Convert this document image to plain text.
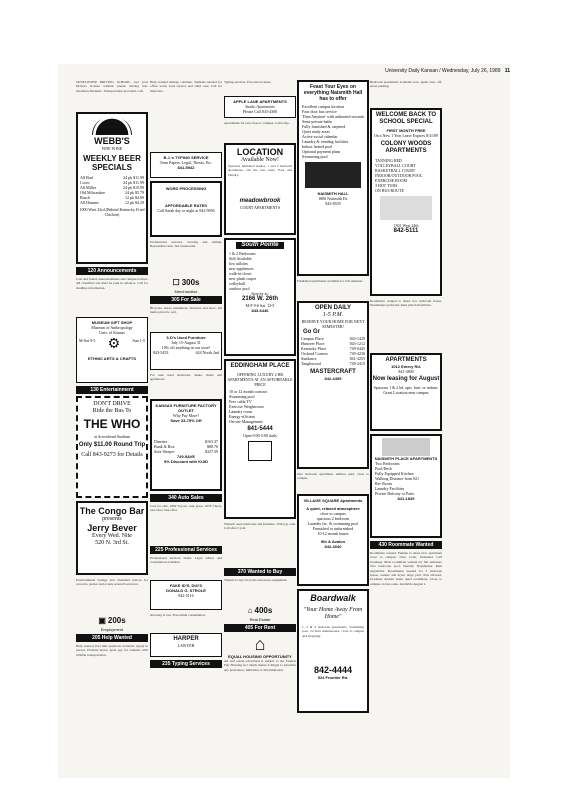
University Daily Kansan / Wednesday, July 26, 1989 11
SUNFLOWER DRIVING SCHOOL. Get your Driver's license without parent driving test. Attention Students: Transportation provided. Call.
WEBB'S
FINE WINE
WEEKLY BEER SPECIALS
All Bud	24 pk $11.99
Coors	24 pk $11.99
All Miller	24 pk $10.99
Old Milwaukee	24 pk $5.79
Busch	12 pk $4.69
All Hamms	12 pk $4.29
1900 West 23rd (Behind Kentucky Fried Chicken)
120 Announcements
Lost and found, announcements and campus notices. All classified ads must be paid in advance. Call for deadline information.
MUSEUM GIFT SHOP
Museum of Anthropology
Univ. of Kansas
M-Sat 9-5 ⚙	Sun 1-5
ETHNIC ARTS & CRAFTS
130 Entertainment
DON'T DRIVE
Ride the Bus To
THE WHO
at Arrowhead Stadium
Only $11.00 Round Trip
Call 843-9273 for Details
The Congo Bar
presents
Jerry Bever
Every Wed. Nite
520 N. 3rd St.
Entertainment listings and classified notices for concerts, parties and events around Lawrence.
▣ 200s
Employment
205 Help Wanted
Help wanted. Part time positions available. Apply in person. Flexible hours, great pay for students with reliable transportation.
Help wanted listings continue. Students needed for office work, food service and child care. Call for interview.
B.J.'s TYPING SERVICE
Term Papers, Legal, Theses, Etc.
841-5942
WORD PROCESSING
AFFORDABLE RATES
Call Sarah day or night at 842-9056
Professional services, tutoring and editing. Reasonable rates, fast turnaround.
☐ 300s
Merchandise
305 For Sale
Bicycles, stereo equipment, furniture and more. All items priced to sell.
3-D's Used Furniture
July 15-August 31
10% off anything in our store!
843-5453	624 North 2nd
For sale: used textbooks, desks, chairs and appliances.
KANSAS FURNITURE FACTORY OUTLET
Why Pay More?
Save 33-75% Off
Dinettes	$163.37
Bunk & Box	$88.76
Sofa Sleeper	$327.39
749-5AVE
5% Discount with KUID
340 Auto Sales
Cars for sale. 1982 Toyota, runs great. 1978 Chevy, new tires, best offer.
225 Professional Services
Professional services listed. Legal advice and consultation available.
FAKE ID'S, DUI'S
DONALD G. STROLE
842-5116
Attorney at law. Free initial consultation.
HARPER
LAWYER
235 Typing Services
Typing services. Fast and accurate.
APPLE LANE APARTMENTS
Studio Apartments
Please Call 843-4300
Apartments for rent close to campus. Call today.
LOCATION
Available Now!
Spacious furnished studios, 1 and 2 bedroom apartments. On the bus route. Pool and laundry.
meadowbrook
COURT APARTMENTS
South Pointe
1 & 2 Bedrooms
Still Available
low utilities
new appliances
walk-in closet
new plush carpet
volleyball
outdoor pool
Stop by at:
2166 W. 26th
M-F 9-6 Sat. 12-5
843-6446
EDDINGHAM PLACE
OFFERING LUXURY 2 BR APARTMENTS AT AN AFFORDABLE PRICE
10 or 12 month contract
Swimming pool
Free cable TV
Exercise Weightroom
Laundry room
Energy efficient
On-site Management
841-5444
Open 9:00-5:00 daily
Wanted: used textbooks and furniture. Will pay cash. Call after 5 p.m.
370 Wanted to Buy
Wanted to buy: bicycles and stereo equipment.
⌂ 400s
Real Estate
405 For Rent
⌂
EQUAL HOUSING OPPORTUNITY
All real estate advertised is subject to the Federal Fair Housing Act which makes it illegal to advertise any preference, limitation or discrimination.
Feast Your Eyes on everything Naismith Hall has to offer
Excellent campus location
Four door bus service
'Dine Anytime' with unlimited seconds
Semi-private baths
Fully furnished & carpeted
Quiet study areas
Active social calendar
Laundry & vending facilities
Indoor heated pool
Optional payment plans
Swimming pool
NAISMITH HALL
1800 Naismith Dr.
843-8559
Furnished apartments available for fall semester.
OPEN DAILY
1-5 P.M.
RESERVE YOUR HOME FOR NEXT SEMESTER!
Go Gr
Campus Place	843-1429
Hanover Place	843-1212
Kentucky Place	749-0445
Orchard Corners	749-4236
Sundance	841-3255
Tanglewood	749-2415
MASTERCRAFT
842-4455
One bedroom apartment, utilities paid, close to campus.
VILLAGE SQUARE Apartments
A quiet, relaxed atmosphere
close to campus
spacious 2 bedroom
Laundry fac. & swimming pool
Furnished or unfurnished
10-12 month leases
9th & Avalon
842-3040
Boardwalk
"Your Home Away From Home"
1, 2 & 3 bedroom apartments. Swimming pool, 24 hour maintenance, close to campus and shopping.
842-4444
524 Frontier Rd.
Bedroom apartments available now. Quiet area, off-street parking.
WELCOME BACK TO SCHOOL SPECIAL
FIRST MONTH FREE
On a New 1 Year Lease Expires 8/31/89
COLONY WOODS APARTMENTS
TANNING BED
VOLLEYBALL COURT
BASKETBALL COURT
INDOOR/OUTDOOR POOL
EXERCISE ROOM
3 HOT TUBS
ON BUS ROUTE
1301 West 24th
842-5111
Roommate wanted to share two bedroom house. Nonsmoker preferred. Rent plus half utilities.
APARTMENTS
1012 Emery Rd.
841-3800
Now leasing for August
Spacious 1 & 2 bd. apts. furn. or unfurn.
Great Location near campus
NAISMITH PLACE APARTMENTS
Two Bedrooms
Pool/Deck
Fully Equipped Kitchen
Walking Distance from KU
Rec Room
Laundry Facilities
Private Balcony or Patio
841-1835
430 Roommate Wanted
Roommate wanted. Female to share nice apartment close to campus. Own room, furnished. Call evenings. Male roommate wanted for fall semester. Two bedroom, pool, laundry. Nonsmoker. Rent negotiable. Roommates needed for 3 bedroom house, washer and dryer, large yard. Pets allowed. Graduate student seeks quiet roommate. Close to campus on bus route. Available August 1.
